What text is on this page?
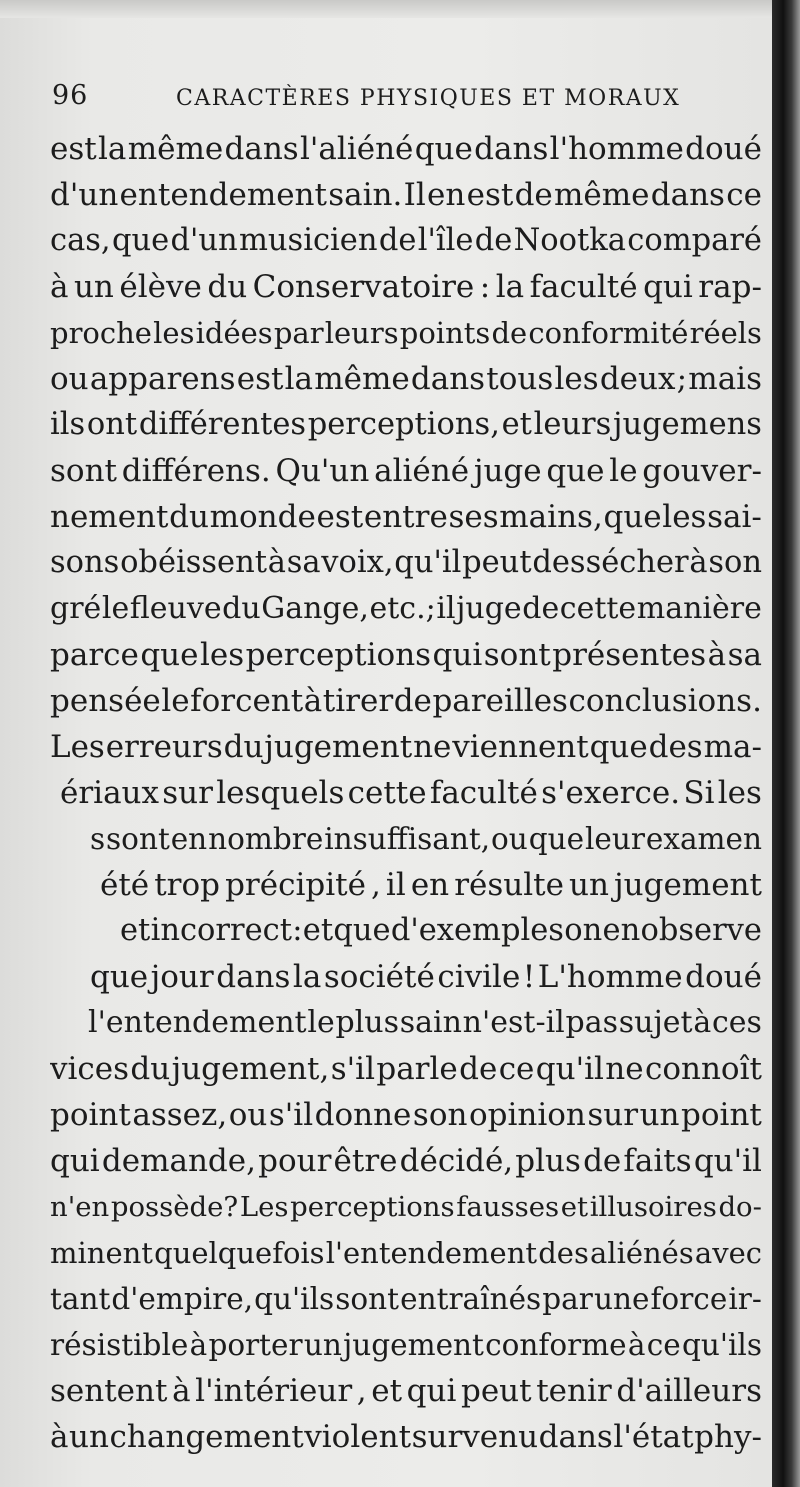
96	CARACTÈRES PHYSIQUES ET MORAUX
est la même dans l'aliéné que dans l'homme doué
d'un entendement sain. Il en est de même dans ce
cas, que d'un musicien de l'île de Nootka comparé
à un élève du Conservatoire : la faculté qui rap-
proche les idées par leurs points de conformité réels
ou apparens est la même dans tous les deux ; mais
ils ont différentes perceptions, et leurs jugemens
sont différens. Qu'un aliéné juge que le gouver-
nement du monde est entre ses mains, que les sai-
sons obéissent à sa voix, qu'il peut dessécher à son
gré le fleuve du Gange, etc.; il juge de cette manière
parce que les perceptions qui sont présentes à sa
pensée le forcent à tirer de pareilles conclusions.
Les erreurs du jugement ne viennent que des ma-
ériaux sur lesquels cette faculté s'exerce. Si les
s sont en nombre insuffisant, ou que leur examen
été trop précipité , il en résulte un jugement
et incorrect : et que d'exemples on en observe
que jour dans la société civile ! L'homme doué
l'entendement le plus sain n'est-il pas sujet à ces
vices du jugement, s'il parle de ce qu'il ne connoît
point assez, ou s'il donne son opinion sur un point
qui demande, pour être décidé, plus de faits qu'il
n'en possède? Les perceptions fausses et illusoires do-
minent quelquefois l'entendement des aliénés avec
tant d'empire, qu'ils sont entraînés par une force ir-
résistible à porter un jugement conforme à ce qu'ils
sentent à l'intérieur , et qui peut tenir d'ailleurs
à un changement violent survenu dans l'état phy-
